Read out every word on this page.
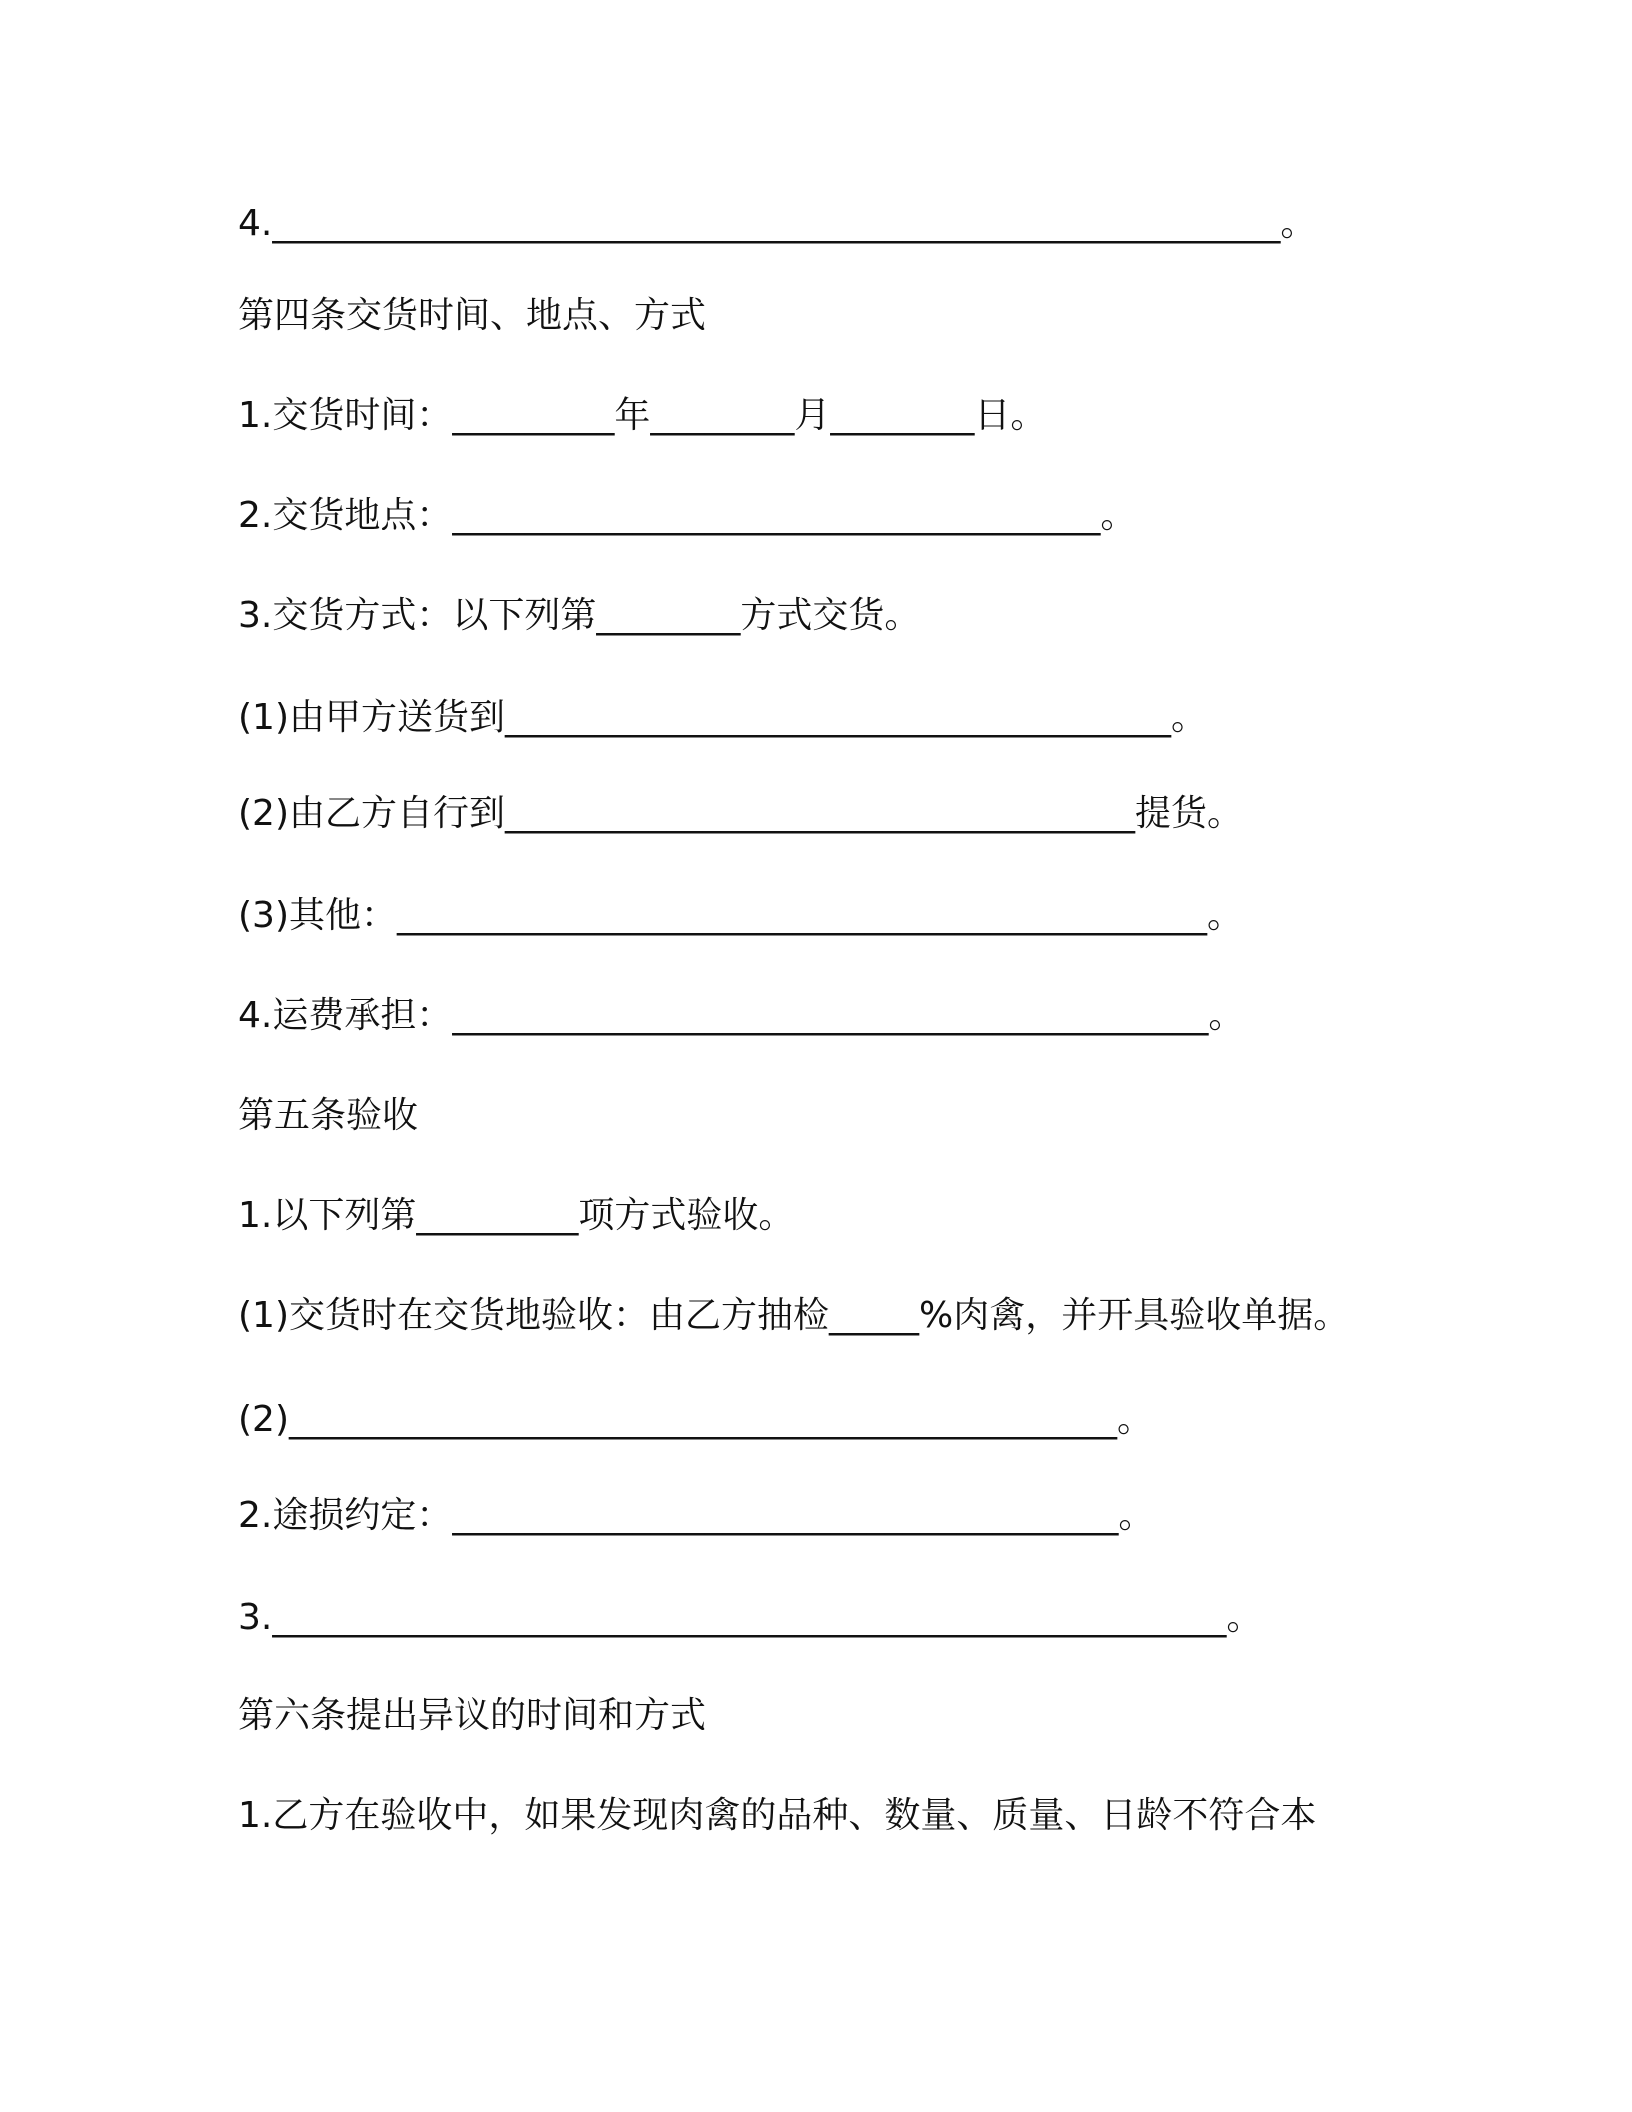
4.________________________________________________________。
第四条交货时间、地点、方式
1.交货时间：_________年________月________日。
2.交货地点：____________________________________。
3.交货方式：以下列第________方式交货。
(1)由甲方送货到_____________________________________。
(2)由乙方自行到___________________________________提货。
(3)其他：_____________________________________________。
4.运费承担：__________________________________________。
第五条验收
1.以下列第_________项方式验收。
(1)交货时在交货地验收：由乙方抽检_____%肉禽，并开具验收单据。
(2)______________________________________________。
2.途损约定：_____________________________________。
3._____________________________________________________。
第六条提出异议的时间和方式
1.乙方在验收中，如果发现肉禽的品种、数量、质量、日龄不符合本
